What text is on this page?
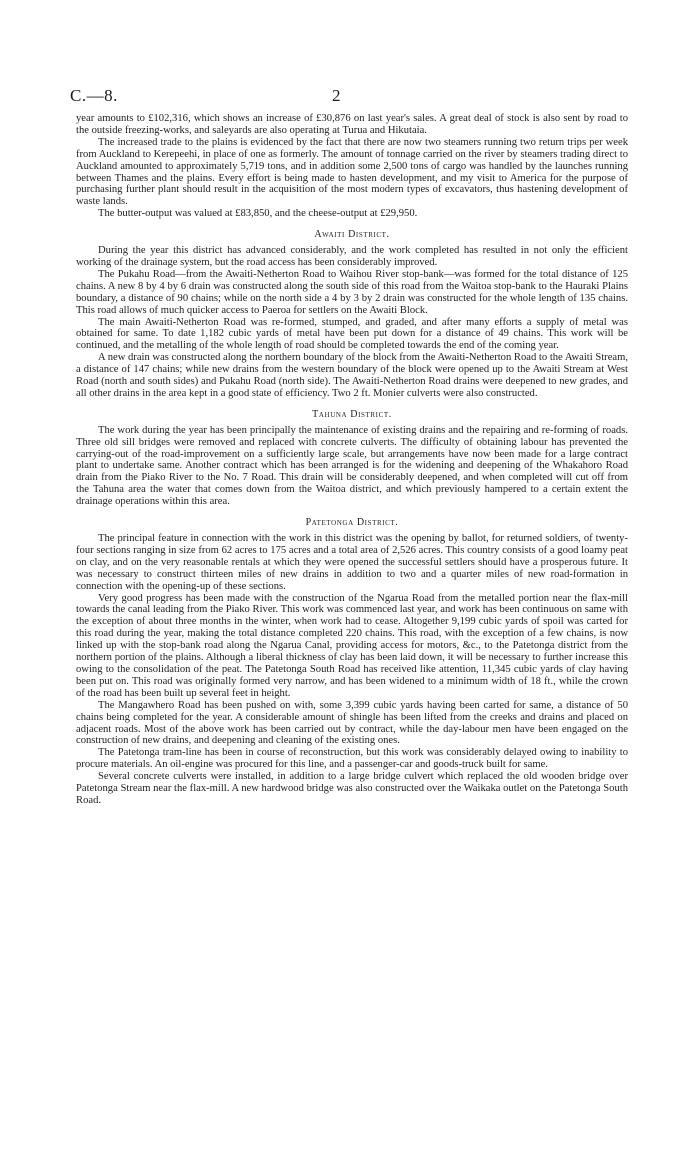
C.—8.	2

year amounts to £102,316, which shows an increase of £30,876 on last year's sales. A great deal of stock is also sent by road to the outside freezing-works, and saleyards are also operating at Turua and Hikutaia.

The increased trade to the plains is evidenced by the fact that there are now two steamers running two return trips per week from Auckland to Kerepeehi, in place of one as formerly. The amount of tonnage carried on the river by steamers trading direct to Auckland amounted to approximately 5,719 tons, and in addition some 2,500 tons of cargo was handled by the launches running between Thames and the plains. Every effort is being made to hasten development, and my visit to America for the purpose of purchasing further plant should result in the acquisition of the most modern types of excavators, thus hastening development of waste lands.

The butter-output was valued at £83,850, and the cheese-output at £29,950.

Awaiti District.

During the year this district has advanced considerably, and the work completed has resulted in not only the efficient working of the drainage system, but the road access has been considerably improved.

The Pukahu Road—from the Awaiti-Netherton Road to Waihou River stop-bank—was formed for the total distance of 125 chains. A new 8 by 4 by 6 drain was constructed along the south side of this road from the Waitoa stop-bank to the Hauraki Plains boundary, a distance of 90 chains; while on the north side a 4 by 3 by 2 drain was constructed for the whole length of 135 chains. This road allows of much quicker access to Paeroa for settlers on the Awaiti Block.

The main Awaiti-Netherton Road was re-formed, stumped, and graded, and after many efforts a supply of metal was obtained for same. To date 1,182 cubic yards of metal have been put down for a distance of 49 chains. This work will be continued, and the metalling of the whole length of road should be completed towards the end of the coming year.

A new drain was constructed along the northern boundary of the block from the Awaiti-Netherton Road to the Awaiti Stream, a distance of 147 chains; while new drains from the western boundary of the block were opened up to the Awaiti Stream at West Road (north and south sides) and Pukahu Road (north side). The Awaiti-Netherton Road drains were deepened to new grades, and all other drains in the area kept in a good state of efficiency. Two 2 ft. Monier culverts were also constructed.

Tahuna District.

The work during the year has been principally the maintenance of existing drains and the repairing and re-forming of roads. Three old sill bridges were removed and replaced with concrete culverts. The difficulty of obtaining labour has prevented the carrying-out of the road-improvement on a sufficiently large scale, but arrangements have now been made for a large contract plant to undertake same. Another contract which has been arranged is for the widening and deepening of the Whakahoro Road drain from the Piako River to the No. 7 Road. This drain will be considerably deepened, and when completed will cut off from the Tahuna area the water that comes down from the Waitoa district, and which previously hampered to a certain extent the drainage operations within this area.

Patetonga District.

The principal feature in connection with the work in this district was the opening by ballot, for returned soldiers, of twenty-four sections ranging in size from 62 acres to 175 acres and a total area of 2,526 acres. This country consists of a good loamy peat on clay, and on the very reasonable rentals at which they were opened the successful settlers should have a prosperous future. It was necessary to construct thirteen miles of new drains in addition to two and a quarter miles of new road-formation in connection with the opening-up of these sections.

Very good progress has been made with the construction of the Ngarua Road from the metalled portion near the flax-mill towards the canal leading from the Piako River. This work was commenced last year, and work has been continuous on same with the exception of about three months in the winter, when work had to cease. Altogether 9,199 cubic yards of spoil was carted for this road during the year, making the total distance completed 220 chains. This road, with the exception of a few chains, is now linked up with the stop-bank road along the Ngarua Canal, providing access for motors, &c., to the Patetonga district from the northern portion of the plains. Although a liberal thickness of clay has been laid down, it will be necessary to further increase this owing to the consolidation of the peat. The Patetonga South Road has received like attention, 11,345 cubic yards of clay having been put on. This road was originally formed very narrow, and has been widened to a minimum width of 18 ft., while the crown of the road has been built up several feet in height.

The Mangawhero Road has been pushed on with, some 3,399 cubic yards having been carted for same, a distance of 50 chains being completed for the year. A considerable amount of shingle has been lifted from the creeks and drains and placed on adjacent roads. Most of the above work has been carried out by contract, while the day-labour men have been engaged on the construction of new drains, and deepening and cleaning of the existing ones.

The Patetonga tram-line has been in course of reconstruction, but this work was considerably delayed owing to inability to procure materials. An oil-engine was procured for this line, and a passenger-car and goods-truck built for same.

Several concrete culverts were installed, in addition to a large bridge culvert which replaced the old wooden bridge over Patetonga Stream near the flax-mill. A new hardwood bridge was also constructed over the Waikaka outlet on the Patetonga South Road.
